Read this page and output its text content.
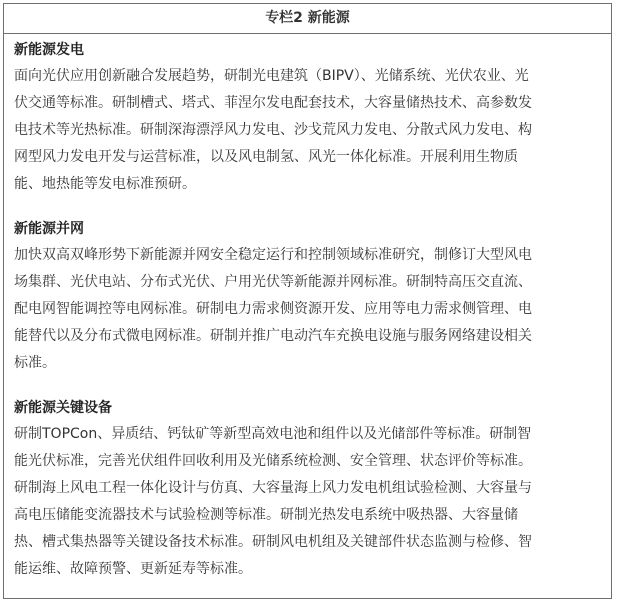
专栏2 新能源

新能源发电

面向光伏应用创新融合发展趋势，研制光电建筑（BIPV）、光储系统、光伏农业、光
伏交通等标准。研制槽式、塔式、菲涅尔发电配套技术，大容量储热技术、高参数发
电技术等光热标准。研制深海漂浮风力发电、沙戈荒风力发电、分散式风力发电、构
网型风力发电开发与运营标准，以及风电制氢、风光一体化标准。开展利用生物质
能、地热能等发电标准预研。

新能源并网

加快双高双峰形势下新能源并网安全稳定运行和控制领域标准研究，制修订大型风电
场集群、光伏电站、分布式光伏、户用光伏等新能源并网标准。研制特高压交直流、
配电网智能调控等电网标准。研制电力需求侧资源开发、应用等电力需求侧管理、电
能替代以及分布式微电网标准。研制并推广电动汽车充换电设施与服务网络建设相关
标准。

新能源关键设备

研制TOPCon、异质结、钙钛矿等新型高效电池和组件以及光储部件等标准。研制智
能光伏标准，完善光伏组件回收利用及光储系统检测、安全管理、状态评价等标准。
研制海上风电工程一体化设计与仿真、大容量海上风力发电机组试验检测、大容量与
高电压储能变流器技术与试验检测等标准。研制光热发电系统中吸热器、大容量储
热、槽式集热器等关键设备技术标准。研制风电机组及关键部件状态监测与检修、智
能运维、故障预警、更新延寿等标准。
